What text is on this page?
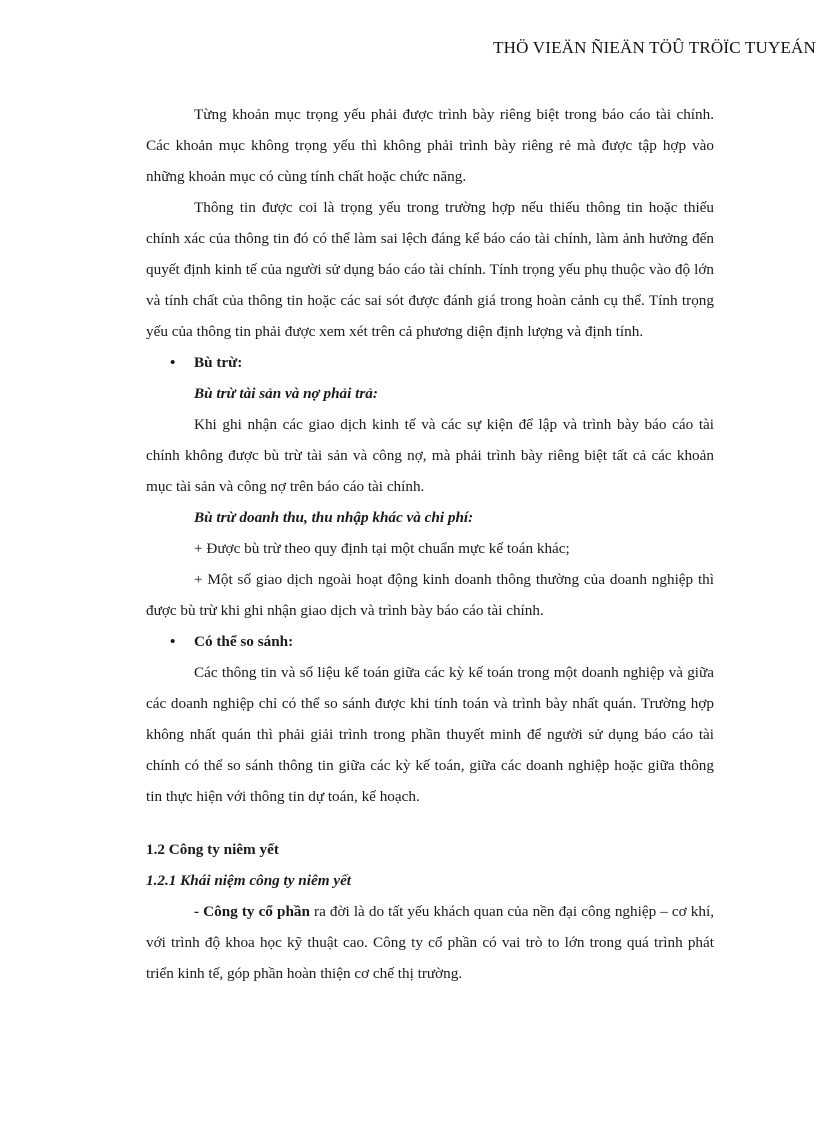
THÖ VIEÄN ÑIEÄN TÖÛ TRÖÏC TUYEÁN

Từng khoản mục trọng yếu phải được trình bày riêng biệt trong báo cáo tài chính. Các khoản mục không trọng yếu thì không phải trình bày riêng rẻ mà được tập hợp vào những khoản mục có cùng tính chất hoặc chức năng.

Thông tin được coi là trọng yếu trong trường hợp nếu thiếu thông tin hoặc thiếu chính xác của thông tin đó có thể làm sai lệch đáng kể báo cáo tài chính, làm ảnh hưởng đến quyết định kinh tế của người sử dụng báo cáo tài chính. Tính trọng yếu phụ thuộc vào độ lớn và tính chất của thông tin hoặc các sai sót được đánh giá trong hoàn cảnh cụ thể. Tính trọng yếu của thông tin phải được xem xét trên cả phương diện định lượng và định tính.

• Bù trừ:
Bù trừ tài sản và nợ phải trả:

Khi ghi nhận các giao dịch kinh tế và các sự kiện để lập và trình bày báo cáo tài chính không được bù trừ tài sản và công nợ, mà phải trình bày riêng biệt tất cả các khoản mục tài sản và công nợ trên báo cáo tài chính.

Bù trừ doanh thu, thu nhập khác và chi phí:
+ Được bù trừ theo quy định tại một chuẩn mực kế toán khác;

+ Một số giao dịch ngoài hoạt động kinh doanh thông thường của doanh nghiệp thì được bù trừ khi ghi nhận giao dịch và trình bày báo cáo tài chính.

• Có thể so sánh:

Các thông tin và số liệu kế toán giữa các kỳ kế toán trong một doanh nghiệp và giữa các doanh nghiệp chỉ có thể so sánh được khi tính toán và trình bày nhất quán. Trường hợp không nhất quán thì phải giải trình trong phần thuyết minh để người sử dụng báo cáo tài chính có thể so sánh thông tin giữa các kỳ kế toán, giữa các doanh nghiệp hoặc giữa thông tin thực hiện với thông tin dự toán, kế hoạch.

1.2 Công ty niêm yết
1.2.1 Khái niệm công ty niêm yết

- Công ty cổ phần ra đời là do tất yếu khách quan của nền đại công nghiệp – cơ khí, với trình độ khoa học kỹ thuật cao. Công ty cổ phần có vai trò to lớn trong quá trình phát triển kinh tế, góp phần hoàn thiện cơ chế thị trường.
